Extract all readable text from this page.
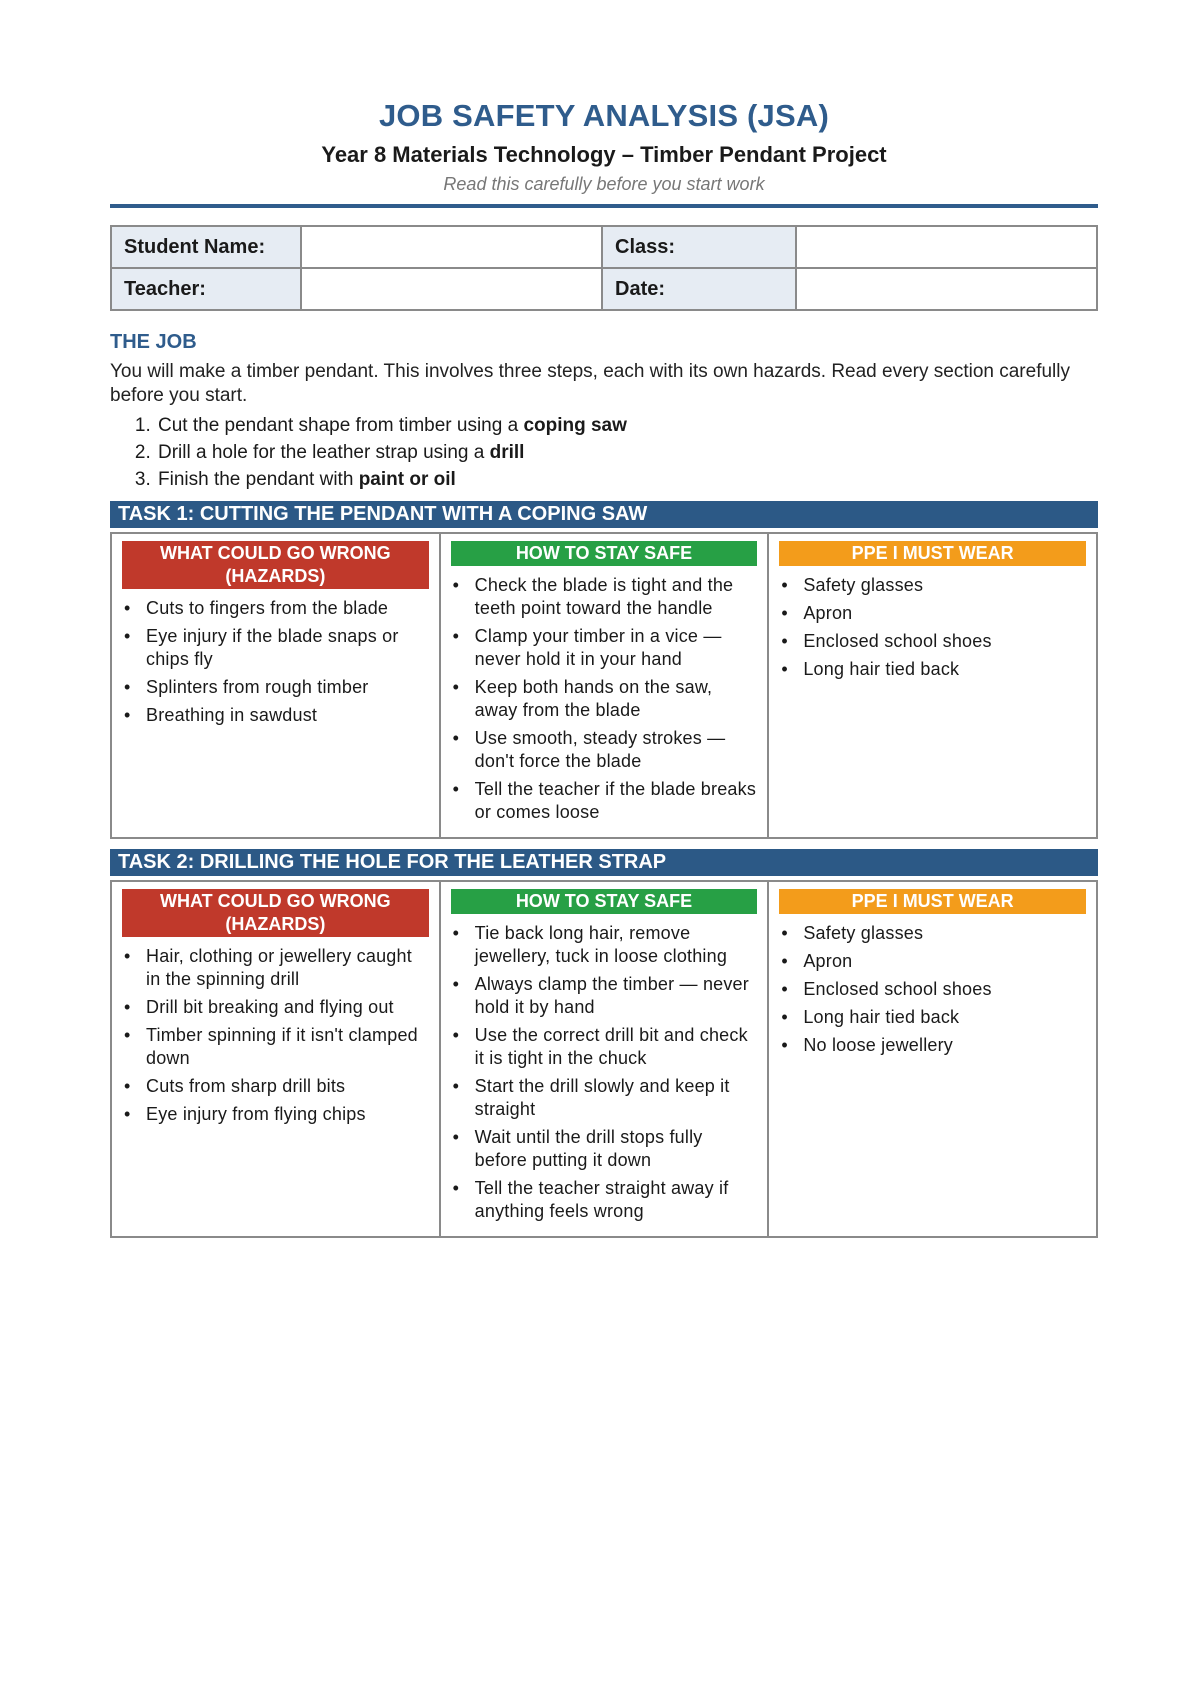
JOB SAFETY ANALYSIS (JSA)
Year 8 Materials Technology – Timber Pendant Project
Read this carefully before you start work
Student Name:		Class:	
Teacher:		Date:	
THE JOB
You will make a timber pendant. This involves three steps, each with its own hazards. Read every section carefully before you start.
1. Cut the pendant shape from timber using a coping saw
2. Drill a hole for the leather strap using a drill
3. Finish the pendant with paint or oil
TASK 1: CUTTING THE PENDANT WITH A COPING SAW
WHAT COULD GO WRONG (HAZARDS)
• Cuts to fingers from the blade
• Eye injury if the blade snaps or chips fly
• Splinters from rough timber
• Breathing in sawdust
HOW TO STAY SAFE
• Check the blade is tight and the teeth point toward the handle
• Clamp your timber in a vice — never hold it in your hand
• Keep both hands on the saw, away from the blade
• Use smooth, steady strokes — don't force the blade
• Tell the teacher if the blade breaks or comes loose
PPE I MUST WEAR
• Safety glasses
• Apron
• Enclosed school shoes
• Long hair tied back
TASK 2: DRILLING THE HOLE FOR THE LEATHER STRAP
WHAT COULD GO WRONG (HAZARDS)
• Hair, clothing or jewellery caught in the spinning drill
• Drill bit breaking and flying out
• Timber spinning if it isn't clamped down
• Cuts from sharp drill bits
• Eye injury from flying chips
HOW TO STAY SAFE
• Tie back long hair, remove jewellery, tuck in loose clothing
• Always clamp the timber — never hold it by hand
• Use the correct drill bit and check it is tight in the chuck
• Start the drill slowly and keep it straight
• Wait until the drill stops fully before putting it down
• Tell the teacher straight away if anything feels wrong
PPE I MUST WEAR
• Safety glasses
• Apron
• Enclosed school shoes
• Long hair tied back
• No loose jewellery
